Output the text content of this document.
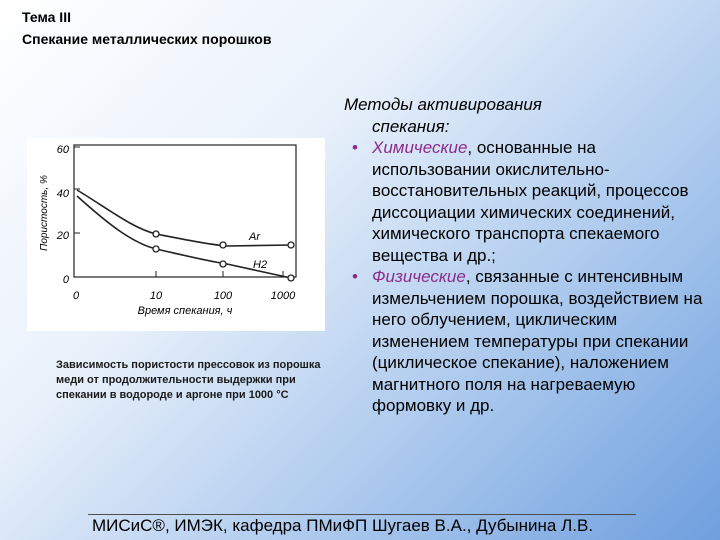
Тема III
Спекание металлических порошков
60
40
20
0
Пористость, %
0	10	100	1000
Время спекания, ч
Ar
H2
Зависимость пористости прессовок из порошка меди от продолжительности выдержки при спекании в водороде и аргоне при 1000 °С

Методы активирования
спекания:

• Химические, основанные на использовании окислительно-восстановительных реакций, процессов диссоциации химических соединений, химического транспорта спекаемого вещества и др.;
• Физические, связанные с интенсивным измельчением порошка, воздействием на него облучением, циклическим изменением температуры при спекании (циклическое спекание), наложением магнитного поля на нагреваемую формовку и др.
МИСиС®, ИМЭК, кафедра ПМиФП Шугаев В.А., Дубынина Л.В.
